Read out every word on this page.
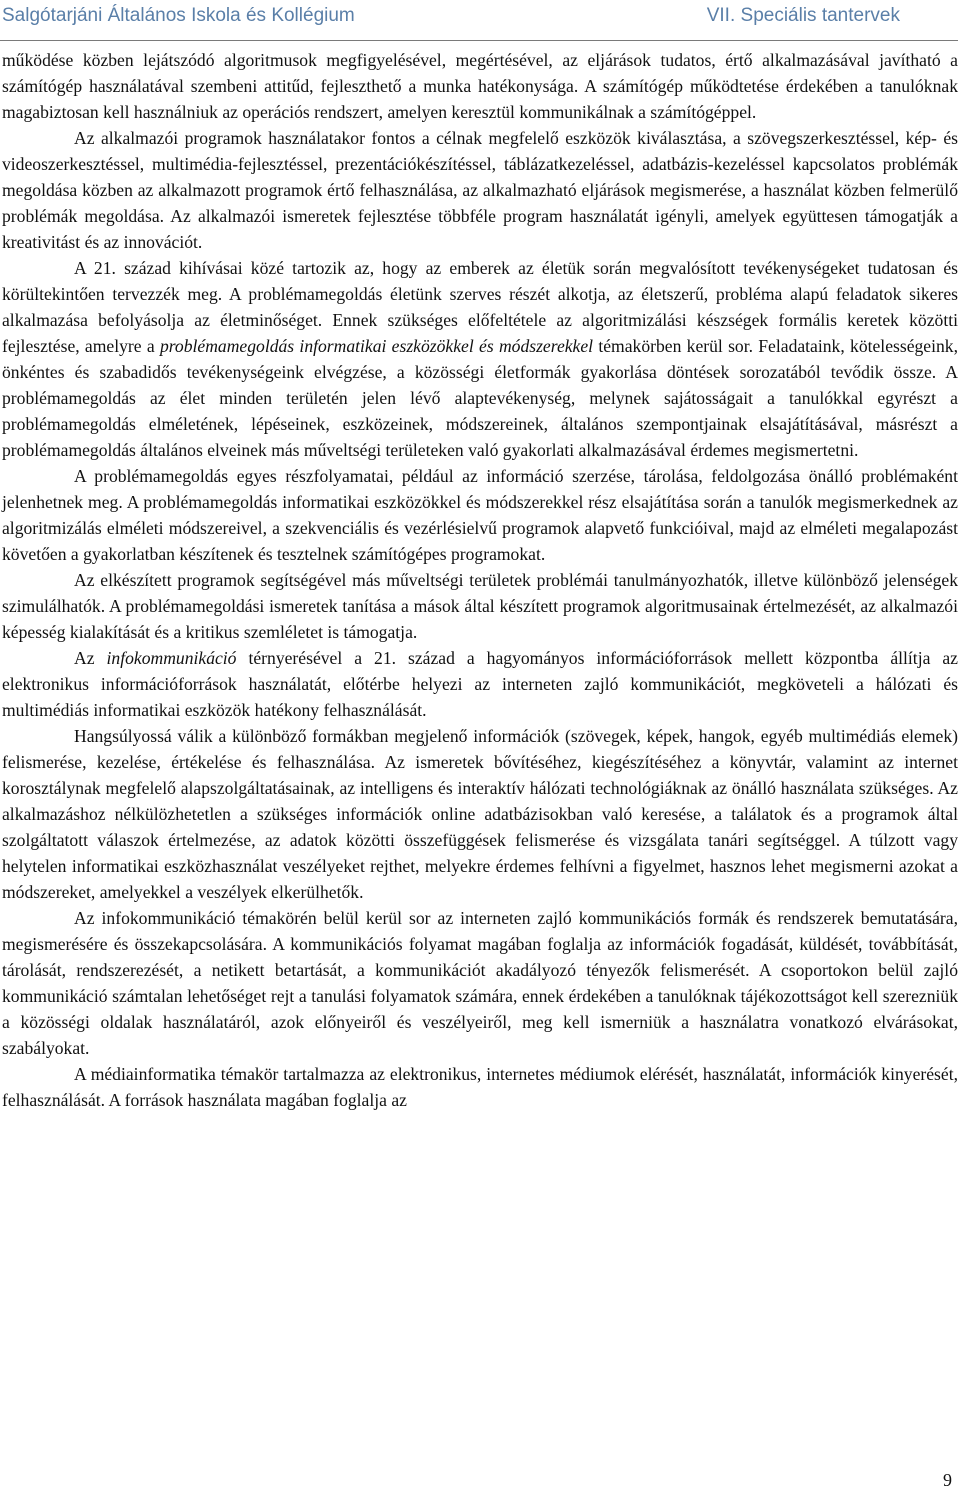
Salgótarjáni Általános Iskola és Kollégium	VII. Speciális tantervek

működése közben lejátszódó algoritmusok megfigyelésével, megértésével, az eljárások tudatos, értő alkalmazásával javítható a számítógép használatával szembeni attitűd, fejleszthető a munka hatékonysága. A számítógép működtetése érdekében a tanulóknak magabiztosan kell használniuk az operációs rendszert, amelyen keresztül kommunikálnak a számítógéppel.

Az alkalmazói programok használatakor fontos a célnak megfelelő eszközök kiválasztása, a szövegszerkesztéssel, kép- és videoszerkesztéssel, multimédia-fejlesztéssel, prezentációkészítéssel, táblázatkezeléssel, adatbázis-kezeléssel kapcsolatos problémák megoldása közben az alkalmazott programok értő felhasználása, az alkalmazható eljárások megismerése, a használat közben felmerülő problémák megoldása. Az alkalmazói ismeretek fejlesztése többféle program használatát igényli, amelyek együttesen támogatják a kreativitást és az innovációt.

A 21. század kihívásai közé tartozik az, hogy az emberek az életük során megvalósított tevékenységeket tudatosan és körültekintően tervezzék meg. A problémamegoldás életünk szerves részét alkotja, az életszerű, probléma alapú feladatok sikeres alkalmazása befolyásolja az életminőséget. Ennek szükséges előfeltétele az algoritmizálási készségek formális keretek közötti fejlesztése, amelyre a problémamegoldás informatikai eszközökkel és módszerekkel témakörben kerül sor. Feladataink, kötelességeink, önkéntes és szabadidős tevékenységeink elvégzése, a közösségi életformák gyakorlása döntések sorozatából tevődik össze. A problémamegoldás az élet minden területén jelen lévő alaptevékenység, melynek sajátosságait a tanulókkal egyrészt a problémamegoldás elméletének, lépéseinek, eszközeinek, módszereinek, általános szempontjainak elsajátításával, másrészt a problémamegoldás általános elveinek más műveltségi területeken való gyakorlati alkalmazásával érdemes megismertetni.

A problémamegoldás egyes részfolyamatai, például az információ szerzése, tárolása, feldolgozása önálló problémaként jelenhetnek meg. A problémamegoldás informatikai eszközökkel és módszerekkel rész elsajátítása során a tanulók megismerkednek az algoritmizálás elméleti módszereivel, a szekvenciális és vezérlésielvű programok alapvető funkcióival, majd az elméleti megalapozást követően a gyakorlatban készítenek és tesztelnek számítógépes programokat.

Az elkészített programok segítségével más műveltségi területek problémái tanulmányozhatók, illetve különböző jelenségek szimulálhatók. A problémamegoldási ismeretek tanítása a mások által készített programok algoritmusainak értelmezését, az alkalmazói képesség kialakítását és a kritikus szemléletet is támogatja.

Az infokommunikáció térnyerésével a 21. század a hagyományos információforrások mellett központba állítja az elektronikus információforrások használatát, előtérbe helyezi az interneten zajló kommunikációt, megköveteli a hálózati és multimédiás informatikai eszközök hatékony felhasználását.

Hangsúlyossá válik a különböző formákban megjelenő információk (szövegek, képek, hangok, egyéb multimédiás elemek) felismerése, kezelése, értékelése és felhasználása. Az ismeretek bővítéséhez, kiegészítéséhez a könyvtár, valamint az internet korosztálynak megfelelő alapszolgáltatásainak, az intelligens és interaktív hálózati technológiáknak az önálló használata szükséges. Az alkalmazáshoz nélkülözhetetlen a szükséges információk online adatbázisokban való keresése, a találatok és a programok által szolgáltatott válaszok értelmezése, az adatok közötti összefüggések felismerése és vizsgálata tanári segítséggel. A túlzott vagy helytelen informatikai eszközhasználat veszélyeket rejthet, melyekre érdemes felhívni a figyelmet, hasznos lehet megismerni azokat a módszereket, amelyekkel a veszélyek elkerülhetők.

Az infokommunikáció témakörén belül kerül sor az interneten zajló kommunikációs formák és rendszerek bemutatására, megismerésére és összekapcsolására. A kommunikációs folyamat magában foglalja az információk fogadását, küldését, továbbítását, tárolását, rendszerezését, a netikett betartását, a kommunikációt akadályozó tényezők felismerését. A csoportokon belül zajló kommunikáció számtalan lehetőséget rejt a tanulási folyamatok számára, ennek érdekében a tanulóknak tájékozottságot kell szerezniük a közösségi oldalak használatáról, azok előnyeiről és veszélyeiről, meg kell ismerniük a használatra vonatkozó elvárásokat, szabályokat.

A médiainformatika témakör tartalmazza az elektronikus, internetes médiumok elérését, használatát, információk kinyerését, felhasználását. A források használata magában foglalja az

9
